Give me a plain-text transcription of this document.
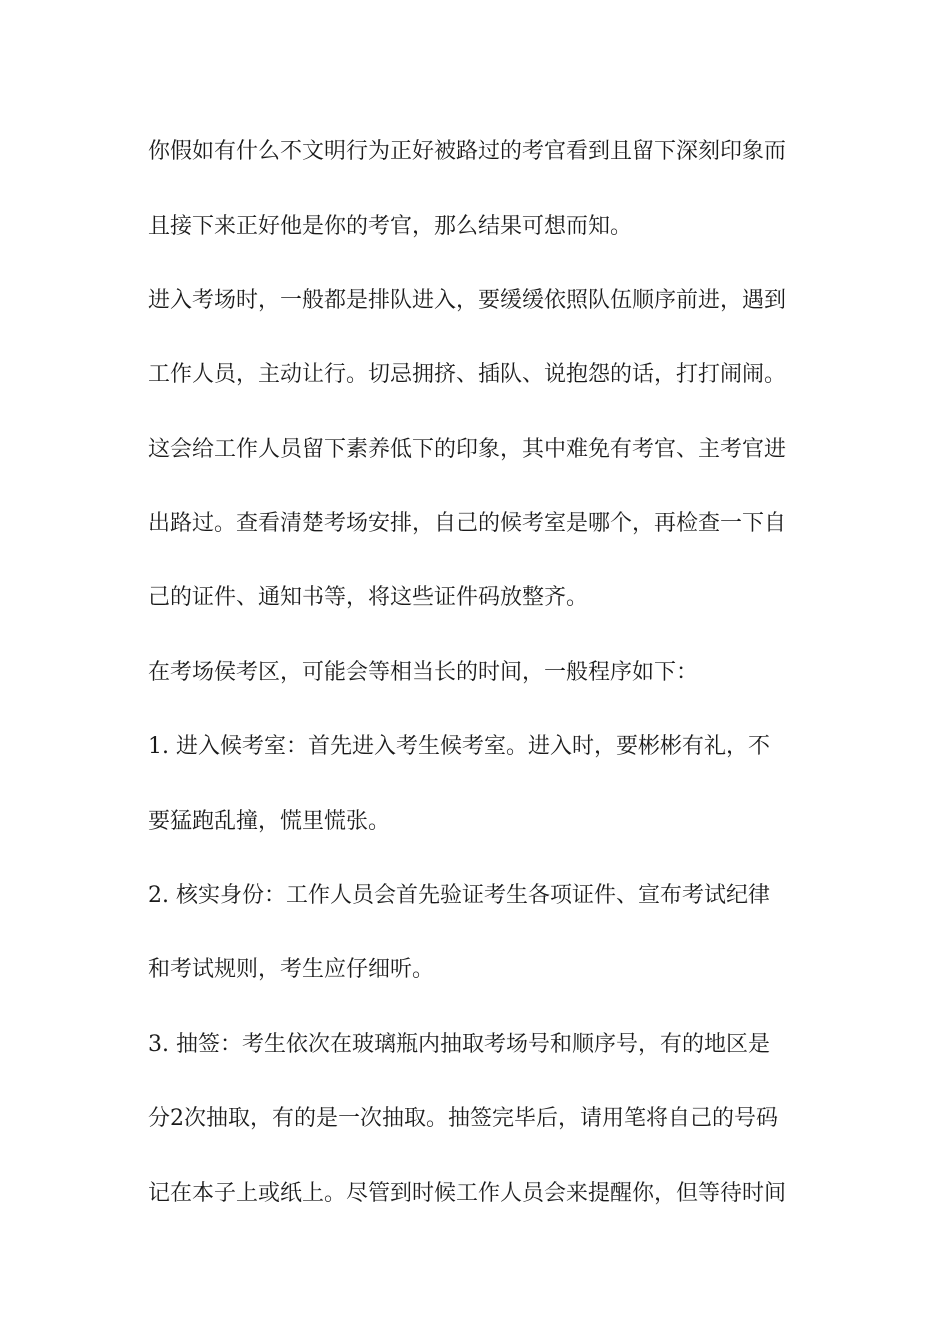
你假如有什么不文明行为正好被路过的考官看到且留下深刻印象而
且接下来正好他是你的考官，那么结果可想而知。
进入考场时，一般都是排队进入，要缓缓依照队伍顺序前进，遇到
工作人员，主动让行。切忌拥挤、插队、说抱怨的话，打打闹闹。
这会给工作人员留下素养低下的印象，其中难免有考官、主考官进
出路过。查看清楚考场安排，自己的候考室是哪个，再检查一下自
己的证件、通知书等，将这些证件码放整齐。
在考场侯考区，可能会等相当长的时间，一般程序如下：
1. 进入候考室：首先进入考生候考室。进入时，要彬彬有礼，不
要猛跑乱撞，慌里慌张。
2. 核实身份：工作人员会首先验证考生各项证件、宣布考试纪律
和考试规则，考生应仔细听。
3. 抽签：考生依次在玻璃瓶内抽取考场号和顺序号，有的地区是
分2次抽取，有的是一次抽取。抽签完毕后，请用笔将自己的号码
记在本子上或纸上。尽管到时候工作人员会来提醒你，但等待时间
